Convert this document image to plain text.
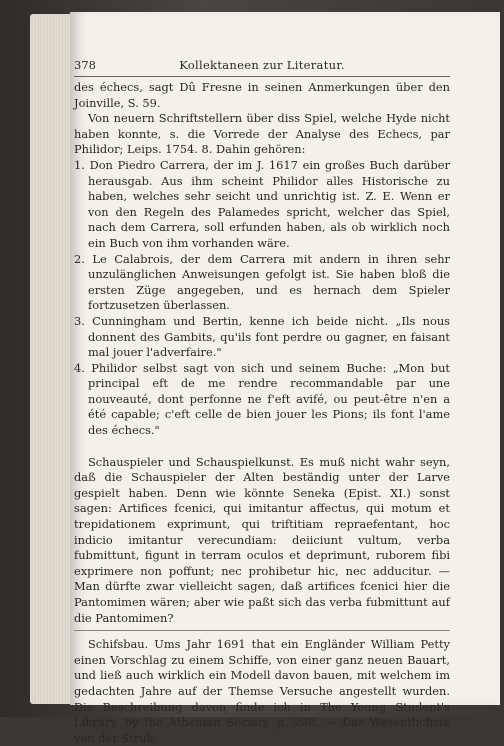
378	Kollektaneen zur Literatur.

des échecs, sagt Dû Fresne in seinen Anmerkungen über den Joinville, S. 59.

Von neuern Schriftstellern über diss Spiel, welche Hyde nicht haben konnte, s. die Vorrede der Analyse des Echecs, par Philidor; Leips. 1754. 8. Dahin gehören:

1. Don Piedro Carrera, der im J. 1617 ein großes Buch darüber herausgab. Aus ihm scheint Philidor alles Historische zu haben, welches sehr seicht und unrichtig ist. Z. E. Wenn er von den Regeln des Palamedes spricht, welcher das Spiel, nach dem Carrera, soll erfunden haben, als ob wirklich noch ein Buch von ihm vorhanden wäre.

2. Le Calabrois, der dem Carrera mit andern in ihren sehr unzulänglichen Anweisungen gefolgt ist. Sie haben bloß die ersten Züge angegeben, und es hernach dem Spieler fortzusetzen überlassen.

3. Cunningham und Bertin, kenne ich beide nicht. „Ils nous donnent des Gambits, qu'ils font perdre ou gagner, en faisant mal jouer l'adverfaire."

4. Philidor selbst sagt von sich und seinem Buche: „Mon but principal eft de me rendre recommandable par une nouveauté, dont perfonne ne f'eft avifé, ou peut-être n'en a été capable; c'eft celle de bien jouer les Pions; ils font l'ame des échecs."

Schauspieler und Schauspielkunst. Es muß nicht wahr seyn, daß die Schauspieler der Alten beständig unter der Larve gespielt haben. Denn wie könnte Seneka (Epist. XI.) sonst sagen: Artifices fcenici, qui imitantur affectus, qui motum et trepidationem exprimunt, qui triftitiam repraefentant, hoc indicio imitantur verecundiam: deiiciunt vultum, verba fubmittunt, figunt in terram oculos et deprimunt, ruborem fibi exprimere non poffunt; nec prohibetur hic, nec adducitur. — Man dürfte zwar vielleicht sagen, daß artifices fcenici hier die Pantomimen wären; aber wie paßt sich das verba fubmittunt auf die Pantomimen?

Schifsbau. Ums Jahr 1691 that ein Engländer William Petty einen Vorschlag zu einem Schiffe, von einer ganz neuen Bauart, und ließ auch wirklich ein Modell davon bauen, mit welchem im gedachten Jahre auf der Themse Versuche angestellt wurden. Die Beschreibung davon finde ich in The Young Student's Library, by the Athenian Society, p. 208. — Das Wesentlichste von der Struk-
